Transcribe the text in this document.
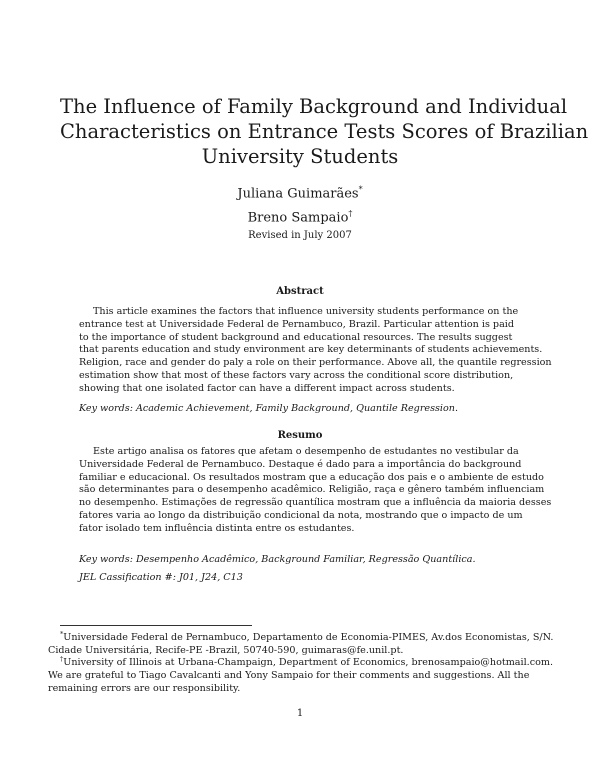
The Influence of Family Background and Individual
Characteristics on Entrance Tests Scores of Brazilian
University Students
Juliana Guimarães*
Breno Sampaio†
Revised in July 2007
Abstract
This article examines the factors that influence university students performance on the
entrance test at Universidade Federal de Pernambuco, Brazil. Particular attention is paid
to the importance of student background and educational resources. The results suggest
that parents education and study environment are key determinants of students achievements.
Religion, race and gender do paly a role on their performance. Above all, the quantile regression
estimation show that most of these factors vary across the conditional score distribution,
showing that one isolated factor can have a different impact across students.
Key words: Academic Achievement, Family Background, Quantile Regression.
Resumo
Este artigo analisa os fatores que afetam o desempenho de estudantes no vestibular da
Universidade Federal de Pernambuco. Destaque é dado para a importância do background
familiar e educacional. Os resultados mostram que a educação dos pais e o ambiente de estudo
são determinantes para o desempenho acadêmico. Religião, raça e gênero também influenciam
no desempenho. Estimações de regressão quantílica mostram que a influência da maioria desses
fatores varia ao longo da distribuição condicional da nota, mostrando que o impacto de um
fator isolado tem influência distinta entre os estudantes.
Key words: Desempenho Acadêmico, Background Familiar, Regressão Quantílica.
JEL Cassification #: J01, J24, C13
*Universidade Federal de Pernambuco, Departamento de Economia-PIMES, Av.dos Economistas, S/N.
Cidade Universitária, Recife-PE -Brazil, 50740-590, guimaras@fe.unil.pt.
†University of Illinois at Urbana-Champaign, Department of Economics, brenosampaio@hotmail.com.
We are grateful to Tiago Cavalcanti and Yony Sampaio for their comments and suggestions. All the
remaining errors are our responsibility.
1
